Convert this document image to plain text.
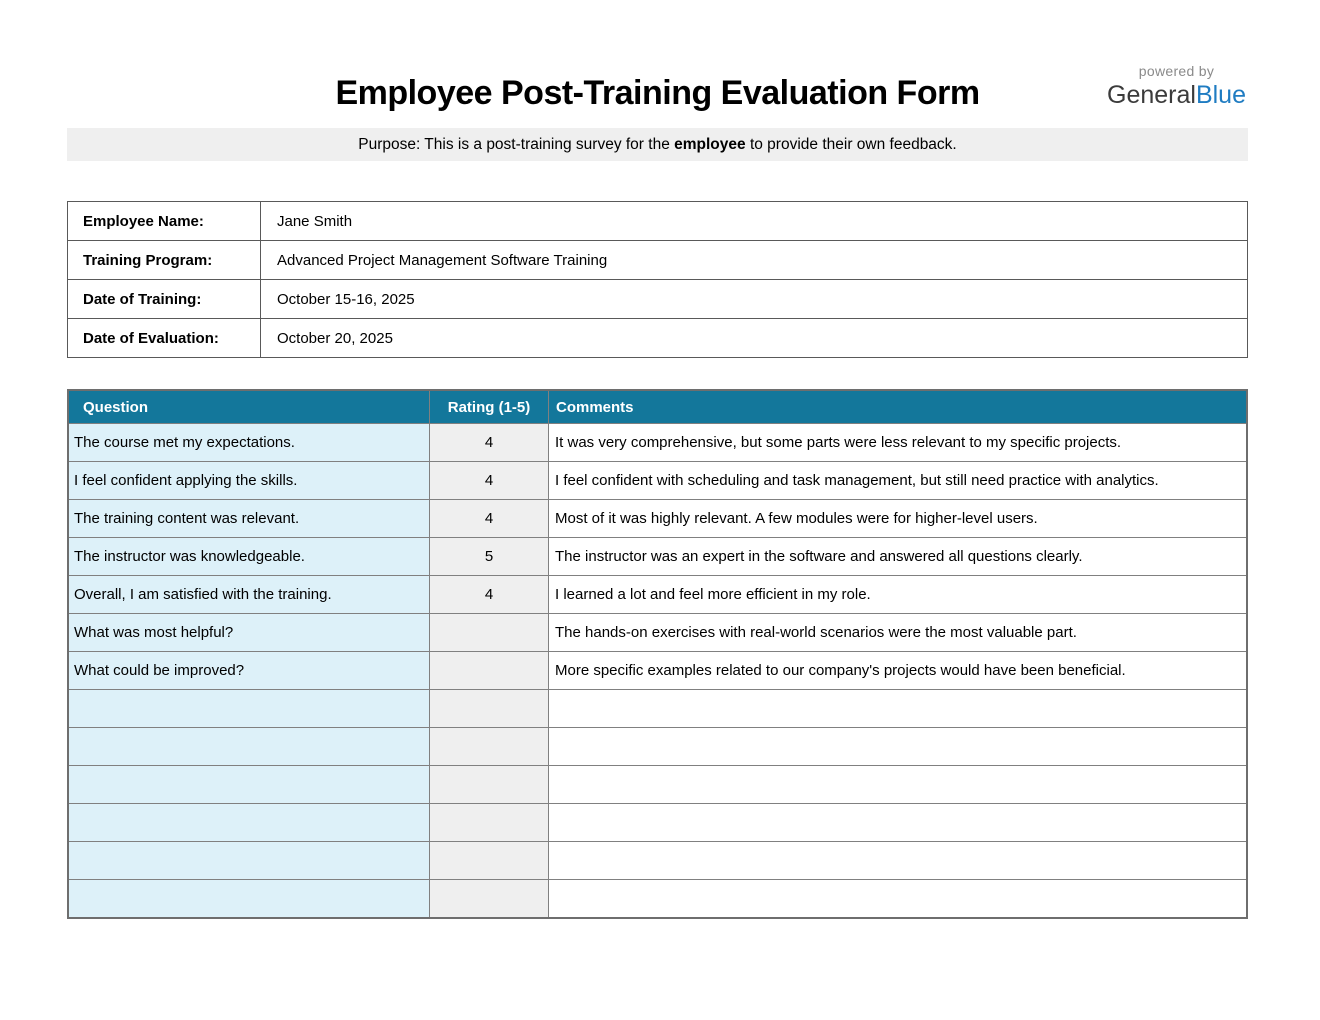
powered by
GeneralBlue
Employee Post-Training Evaluation Form
Purpose: This is a post-training survey for the employee to provide their own feedback.
Employee Name:	Jane Smith
Training Program:	Advanced Project Management Software Training
Date of Training:	October 15-16, 2025
Date of Evaluation:	October 20, 2025
Question	Rating (1-5)	Comments
The course met my expectations.	4	It was very comprehensive, but some parts were less relevant to my specific projects.
I feel confident applying the skills.	4	I feel confident with scheduling and task management, but still need practice with analytics.
The training content was relevant.	4	Most of it was highly relevant. A few modules were for higher-level users.
The instructor was knowledgeable.	5	The instructor was an expert in the software and answered all questions clearly.
Overall, I am satisfied with the training.	4	I learned a lot and feel more efficient in my role.
What was most helpful?		The hands-on exercises with real-world scenarios were the most valuable part.
What could be improved?		More specific examples related to our company's projects would have been beneficial.
